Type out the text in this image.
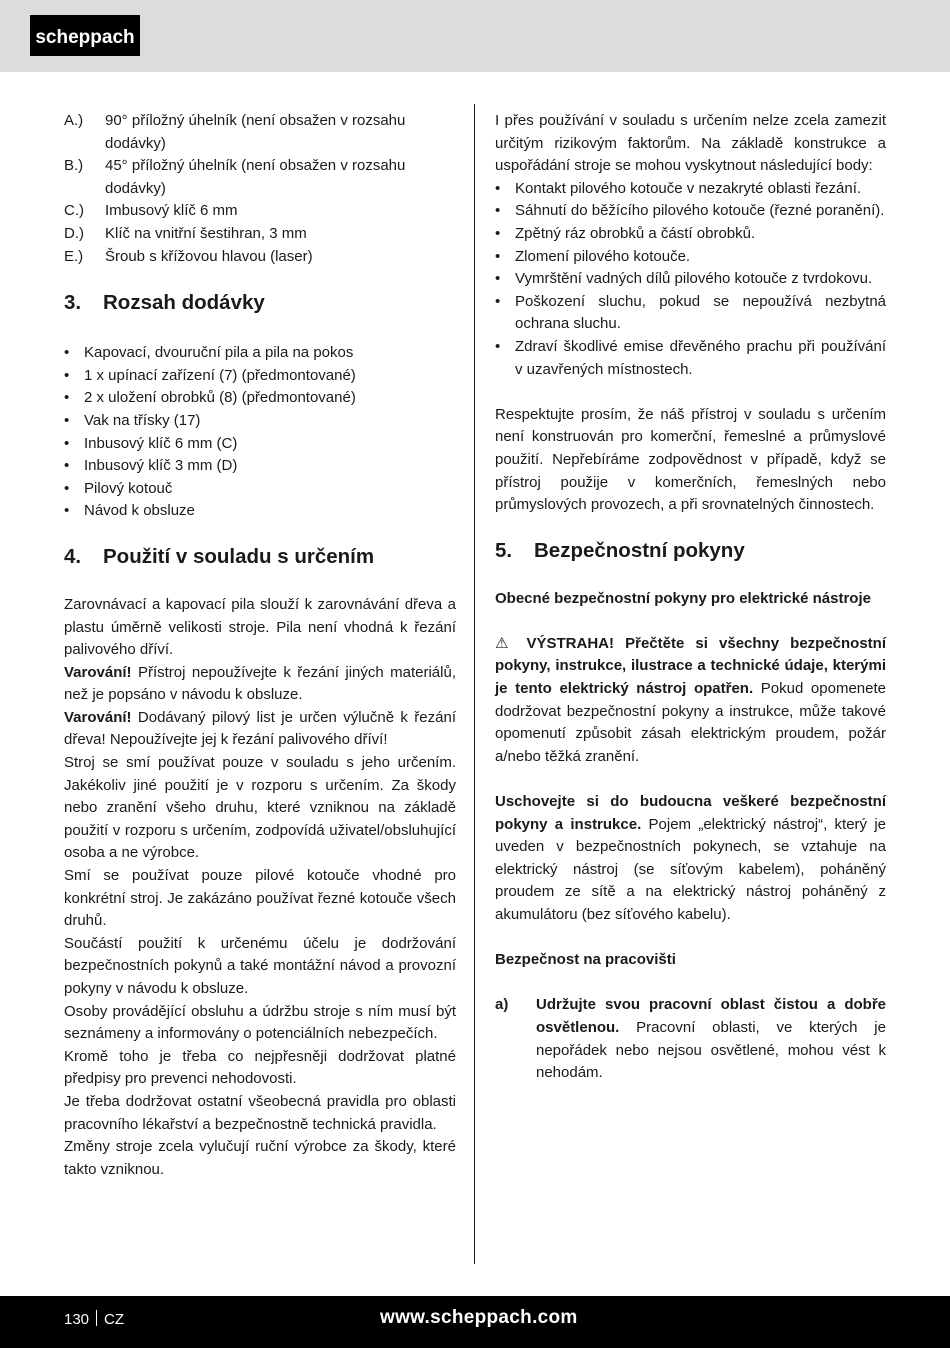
scheppach
A.)	90° příložný úhelník (není obsažen v rozsahu dodávky)
B.)	45° příložný úhelník (není obsažen v rozsahu dodávky)
C.)	Imbusový klíč 6 mm
D.)	Klíč na vnitřní šestihran, 3 mm
E.)	Šroub s křížovou hlavou (laser)
3.	Rozsah dodávky
• Kapovací, dvouruční pila a pila na pokos
• 1 x upínací zařízení (7) (předmontované)
• 2 x uložení obrobků (8) (předmontované)
• Vak na třísky (17)
• Inbusový klíč 6 mm (C)
• Inbusový klíč 3 mm (D)
• Pilový kotouč
• Návod k obsluze
4.	Použití v souladu s určením

Zarovnávací a kapovací pila slouží k zarovnávání dřeva a plastu úměrně velikosti stroje. Pila není vhodná k řezání palivového dříví.

Varování! Přístroj nepoužívejte k řezání jiných materiálů, než je popsáno v návodu k obsluze.

Varování! Dodávaný pilový list je určen výlučně k řezání dřeva! Nepoužívejte jej k řezání palivového dříví!

Stroj se smí používat pouze v souladu s jeho určením. Jakékoliv jiné použití je v rozporu s určením. Za škody nebo zranění všeho druhu, které vzniknou na základě použití v rozporu s určením, zodpovídá uživatel/obsluhující osoba a ne výrobce.

Smí se používat pouze pilové kotouče vhodné pro konkrétní stroj. Je zakázáno používat řezné kotouče všech druhů.

Součástí použití k určenému účelu je dodržování bezpečnostních pokynů a také montážní návod a provozní pokyny v návodu k obsluze.

Osoby provádějící obsluhu a údržbu stroje s ním musí být seznámeny a informovány o potenciálních nebezpečích.

Kromě toho je třeba co nejpřesněji dodržovat platné předpisy pro prevenci nehodovosti.

Je třeba dodržovat ostatní všeobecná pravidla pro oblasti pracovního lékařství a bezpečnostně technická pravidla.

Změny stroje zcela vylučují ruční výrobce za škody, které takto vzniknou.

I přes používání v souladu s určením nelze zcela zamezit určitým rizikovým faktorům. Na základě konstrukce a uspořádání stroje se mohou vyskytnout následující body:

• Kontakt pilového kotouče v nezakryté oblasti řezání.
• Sáhnutí do běžícího pilového kotouče (řezné poranění).
• Zpětný ráz obrobků a částí obrobků.
• Zlomení pilového kotouče.
• Vymrštění vadných dílů pilového kotouče z tvrdokovu.
• Poškození sluchu, pokud se nepoužívá nezbytná ochrana sluchu.
• Zdraví škodlivé emise dřevěného prachu při používání v uzavřených místnostech.

Respektujte prosím, že náš přístroj v souladu s určením není konstruován pro komerční, řemeslné a průmyslové použití. Nepřebíráme zodpovědnost v případě, když se přístroj použije v komerčních, řemeslných nebo průmyslových provozech, a při srovnatelných činnostech.

5.	Bezpečnostní pokyny

Obecné bezpečnostní pokyny pro elektrické nástroje

⚠ VÝSTRAHA! Přečtěte si všechny bezpečnostní pokyny, instrukce, ilustrace a technické údaje, kterými je tento elektrický nástroj opatřen. Pokud opomenete dodržovat bezpečnostní pokyny a instrukce, může takové opomenutí způsobit zásah elektrickým proudem, požár a/nebo těžká zranění.

Uschovejte si do budoucna veškeré bezpečnostní pokyny a instrukce. Pojem „elektrický nástroj“, který je uveden v bezpečnostních pokynech, se vztahuje na elektrický nástroj (se síťovým kabelem), poháněný proudem ze sítě a na elektrický nástroj poháněný z akumulátoru (bez síťového kabelu).

Bezpečnost na pracovišti

a)	Udržujte svou pracovní oblast čistou a dobře osvětlenou. Pracovní oblasti, ve kterých je nepořádek nebo nejsou osvětlené, mohou vést k nehodám.
130 CZ	www.scheppach.com
